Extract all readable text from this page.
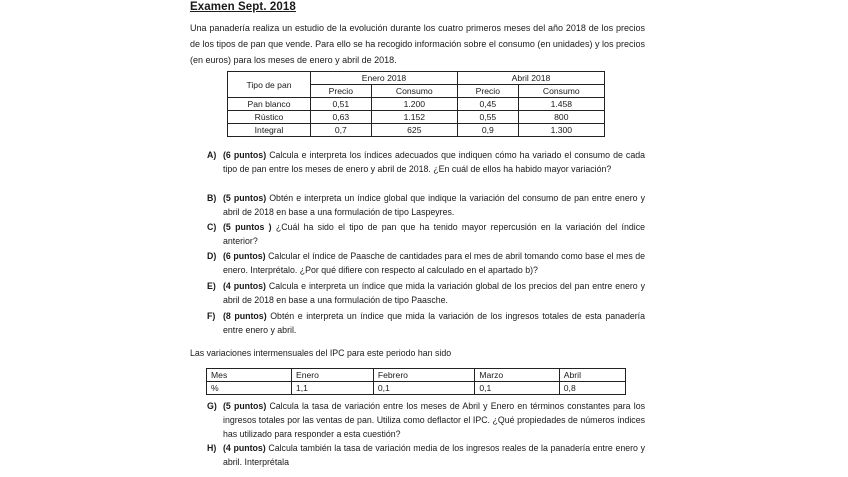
Examen Sept. 2018
Una panadería realiza un estudio de la evolución durante los cuatro primeros meses del año 2018 de los precios de los tipos de pan que vende. Para ello se ha recogido información sobre el consumo (en unidades) y los precios (en euros) para los meses de enero y abril de 2018.
Tipo de pan	Enero 2018		Abril 2018	
	Precio	Consumo	Precio	Consumo
Pan blanco	0,51	1.200	0,45	1.458
Rústico	0,63	1.152	0,55	800
Integral	0,7	625	0,9	1.300
A) (6 puntos) Calcula e interpreta los índices adecuados que indiquen cómo ha variado el consumo de cada tipo de pan entre los meses de enero y abril de 2018. ¿En cuál de ellos ha habido mayor variación?
B) (5 puntos) Obtén e interpreta un índice global que indique la variación del consumo de pan entre enero y abril de 2018 en base a una formulación de tipo Laspeyres.
C) (5 puntos ) ¿Cuál ha sido el tipo de pan que ha tenido mayor repercusión en la variación del índice anterior?
D) (6 puntos) Calcular el índice de Paasche de cantidades para el mes de abril tomando como base el mes de enero. Interprétalo. ¿Por qué difiere con respecto al calculado en el apartado b)?
E) (4 puntos) Calcula e interpreta un índice que mida la variación global de los precios del pan entre enero y abril de 2018 en base a una formulación de tipo Paasche.
F) (8 puntos) Obtén e interpreta un índice que mida la variación de los ingresos totales de esta panadería entre enero y abril.
Las variaciones intermensuales del IPC para este periodo han sido
Mes	Enero	Febrero	Marzo	Abril
%	1,1	0,1	0,1	0,8
G) (5 puntos) Calcula la tasa de variación entre los meses de Abril y Enero en términos constantes para los ingresos totales por las ventas de pan. Utiliza como deflactor el IPC. ¿Qué propiedades de números índices has utilizado para responder a esta cuestión?
H) (4 puntos) Calcula también la tasa de variación media de los ingresos reales de la panadería entre enero y abril. Interprétala
